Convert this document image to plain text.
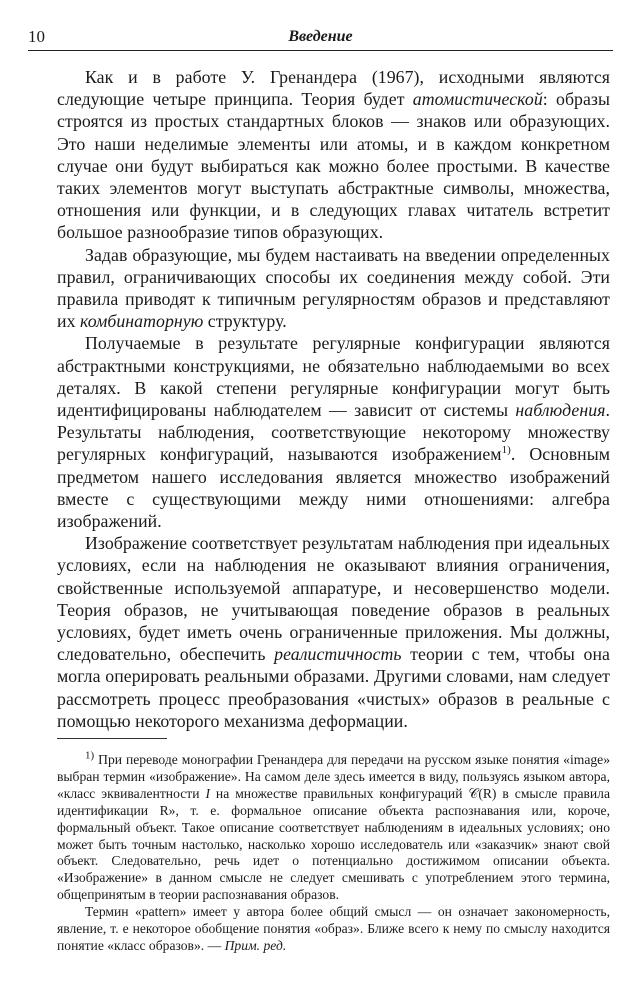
10	Введение

Как и в работе У. Гренандера (1967), исходными являются следующие четыре принципа. Теория будет атомистической: образы строятся из простых стандартных блоков — знаков или образующих. Это наши неделимые элементы или атомы, и в каждом конкретном случае они будут выбираться как можно более простыми. В качестве таких элементов могут выступать абстрактные символы, множества, отношения или функции, и в следующих главах читатель встретит большое разнообразие типов образующих.

Задав образующие, мы будем настаивать на введении определенных правил, ограничивающих способы их соединения между собой. Эти правила приводят к типичным регулярностям образов и представляют их комбинаторную структуру.

Получаемые в результате регулярные конфигурации являются абстрактными конструкциями, не обязательно наблюдаемыми во всех деталях. В какой степени регулярные конфигурации могут быть идентифицированы наблюдателем — зависит от системы наблюдения. Результаты наблюдения, соответствующие некоторому множеству регулярных конфигураций, называются изображением$^{1)}$. Основным предметом нашего исследования является множество изображений вместе с существующими между ними отношениями: алгебра изображений.

Изображение соответствует результатам наблюдения при идеальных условиях, если на наблюдения не оказывают влияния ограничения, свойственные используемой аппаратуре, и несовершенство модели. Теория образов, не учитывающая поведение образов в реальных условиях, будет иметь очень ограниченные приложения. Мы должны, следовательно, обеспечить реалистичность теории с тем, чтобы она могла оперировать реальными образами. Другими словами, нам следует рассмотреть процесс преобразования «чистых» образов в реальные с помощью некоторого механизма деформации.

$^{1)}$ При переводе монографии Гренандера для передачи на русском языке понятия «image» выбран термин «изображение». На самом деле здесь имеется в виду, пользуясь языком автора, «класс эквивалентности I на множестве правильных конфигураций 𝒞(R) в смысле правила идентификации R», т. е. формальное описание объекта распознавания или, короче, формальный объект. Такое описание соответствует наблюдениям в идеальных условиях; оно может быть точным настолько, насколько хорошо исследователь или «заказчик» знают свой объект. Следовательно, речь идет о потенциально достижимом описании объекта. «Изображение» в данном смысле не следует смешивать с употреблением этого термина, общепринятым в теории распознавания образов.

Термин «pattern» имеет у автора более общий смысл — он означает закономерность, явление, т. е некоторое обобщение понятия «образ». Ближе всего к нему по смыслу находится понятие «класс образов». — Прим. ред.
